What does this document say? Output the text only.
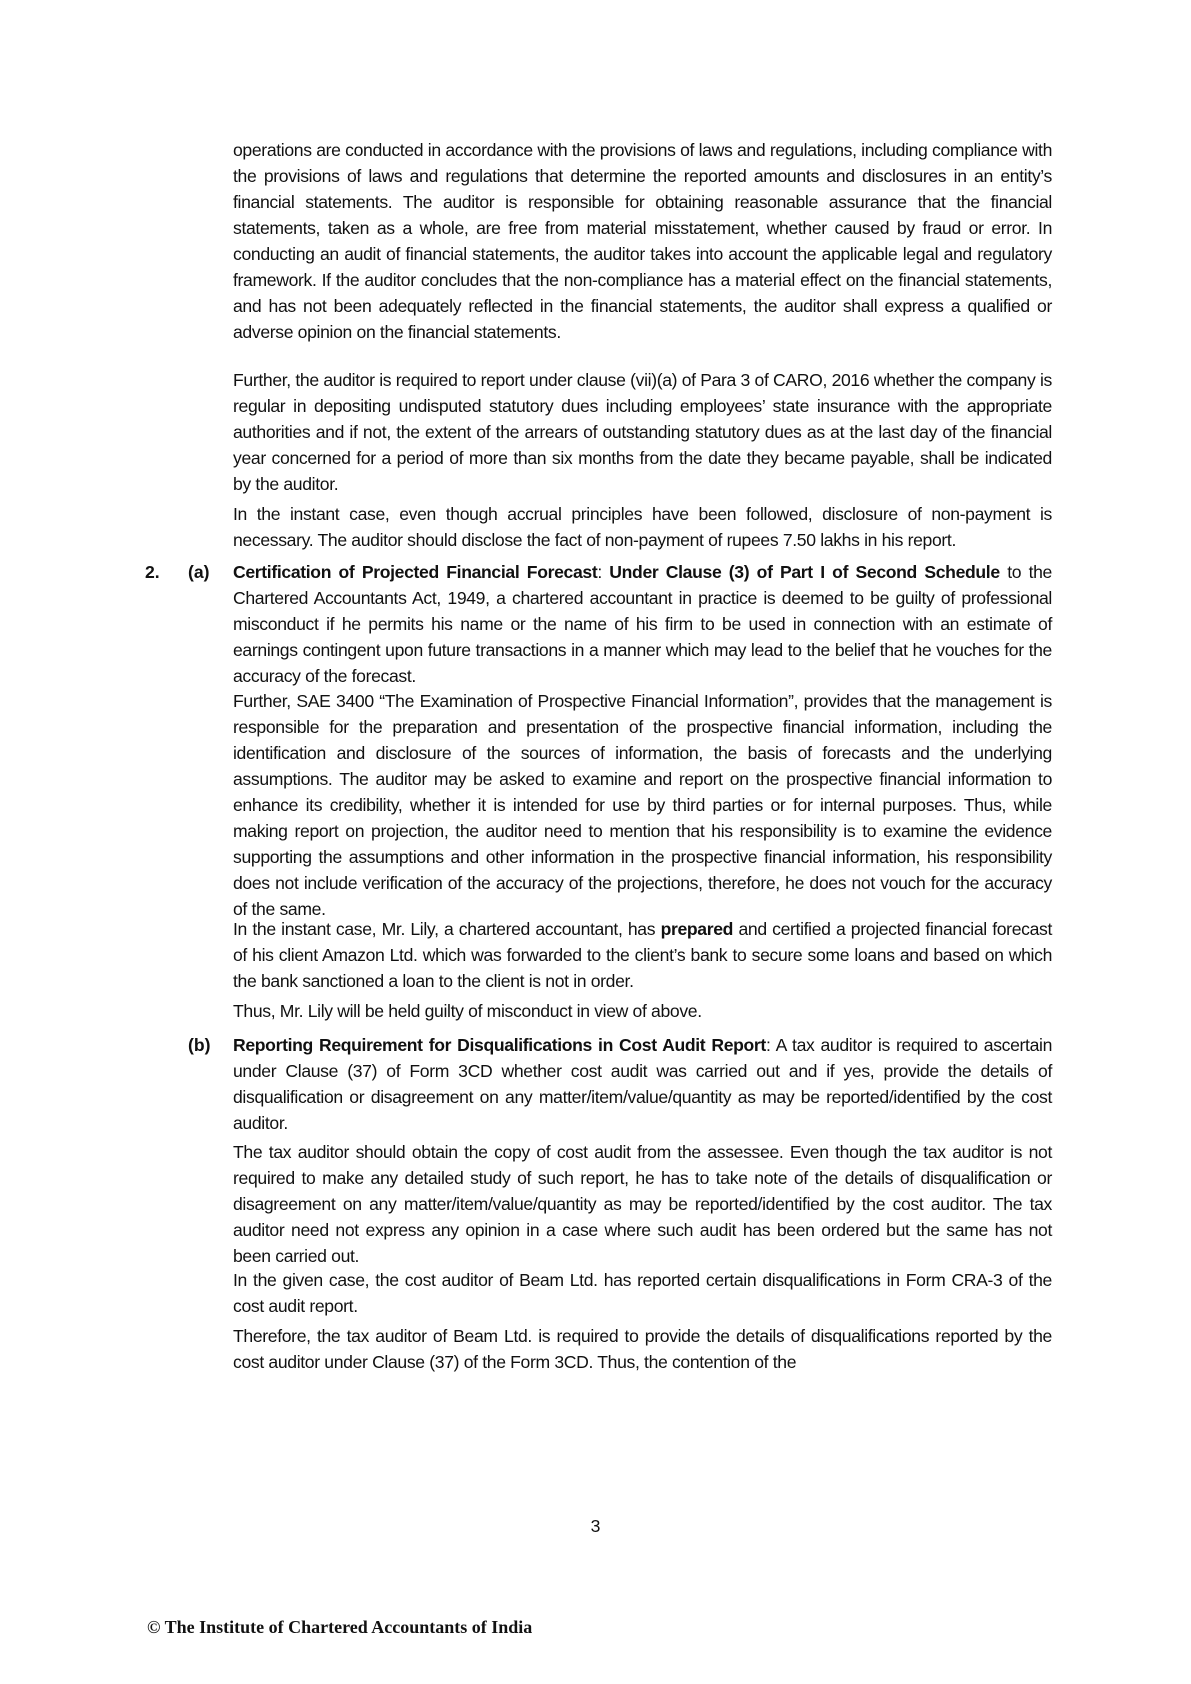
operations are conducted in accordance with the provisions of laws and regulations, including compliance with the provisions of laws and regulations that determine the reported amounts and disclosures in an entity’s financial statements. The auditor is responsible for obtaining reasonable assurance that the financial statements, taken as a whole, are free from material misstatement, whether caused by fraud or error. In conducting an audit of financial statements, the auditor takes into account the applicable legal and regulatory framework. If the auditor concludes that the non-compliance has a material effect on the financial statements, and has not been adequately reflected in the financial statements, the auditor shall express a qualified or adverse opinion on the financial statements.

Further, the auditor is required to report under clause (vii)(a) of Para 3 of CARO, 2016 whether the company is regular in depositing undisputed statutory dues including employees’ state insurance with the appropriate authorities and if not, the extent of the arrears of outstanding statutory dues as at the last day of the financial year concerned for a period of more than six months from the date they became payable, shall be indicated by the auditor.

In the instant case, even though accrual principles have been followed, disclosure of non-payment is necessary. The auditor should disclose the fact of non-payment of rupees 7.50 lakhs in his report.

2. (a) Certification of Projected Financial Forecast: Under Clause (3) of Part I of Second Schedule to the Chartered Accountants Act, 1949, a chartered accountant in practice is deemed to be guilty of professional misconduct if he permits his name or the name of his firm to be used in connection with an estimate of earnings contingent upon future transactions in a manner which may lead to the belief that he vouches for the accuracy of the forecast.

Further, SAE 3400 “The Examination of Prospective Financial Information”, provides that the management is responsible for the preparation and presentation of the prospective financial information, including the identification and disclosure of the sources of information, the basis of forecasts and the underlying assumptions. The auditor may be asked to examine and report on the prospective financial information to enhance its credibility, whether it is intended for use by third parties or for internal purposes. Thus, while making report on projection, the auditor need to mention that his responsibility is to examine the evidence supporting the assumptions and other information in the prospective financial information, his responsibility does not include verification of the accuracy of the projections, therefore, he does not vouch for the accuracy of the same.

In the instant case, Mr. Lily, a chartered accountant, has prepared and certified a projected financial forecast of his client Amazon Ltd. which was forwarded to the client’s bank to secure some loans and based on which the bank sanctioned a loan to the client is not in order.

Thus, Mr. Lily will be held guilty of misconduct in view of above.

(b) Reporting Requirement for Disqualifications in Cost Audit Report: A tax auditor is required to ascertain under Clause (37) of Form 3CD whether cost audit was carried out and if yes, provide the details of disqualification or disagreement on any matter/item/value/quantity as may be reported/identified by the cost auditor.

The tax auditor should obtain the copy of cost audit from the assessee. Even though the tax auditor is not required to make any detailed study of such report, he has to take note of the details of disqualification or disagreement on any matter/item/value/quantity as may be reported/identified by the cost auditor. The tax auditor need not express any opinion in a case where such audit has been ordered but the same has not been carried out.

In the given case, the cost auditor of Beam Ltd. has reported certain disqualifications in Form CRA-3 of the cost audit report.

Therefore, the tax auditor of Beam Ltd. is required to provide the details of disqualifications reported by the cost auditor under Clause (37) of the Form 3CD. Thus, the contention of the

3
© The Institute of Chartered Accountants of India
